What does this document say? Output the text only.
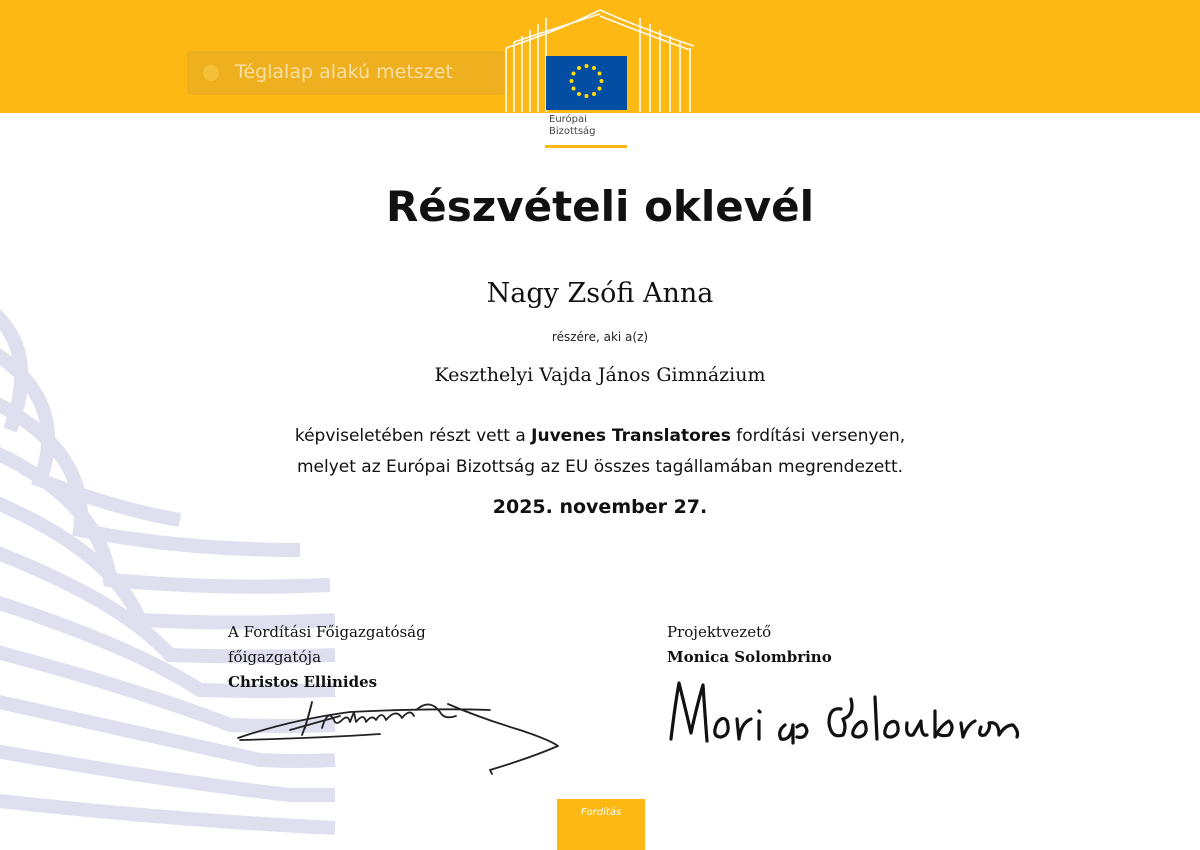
Téglalap alakú metszet
Európai
Bizottság
Részvételi oklevél
Nagy Zsófi Anna
részére, aki a(z)
Keszthelyi Vajda János Gimnázium
képviseletében részt vett a Juvenes Translatores fordítási versenyen,
melyet az Európai Bizottság az EU összes tagállamában megrendezett.
2025. november 27.
A Fordítási Főigazgatóság
főigazgatója
Christos Ellinides
Projektvezető
Monica Solombrino
Fordítás
